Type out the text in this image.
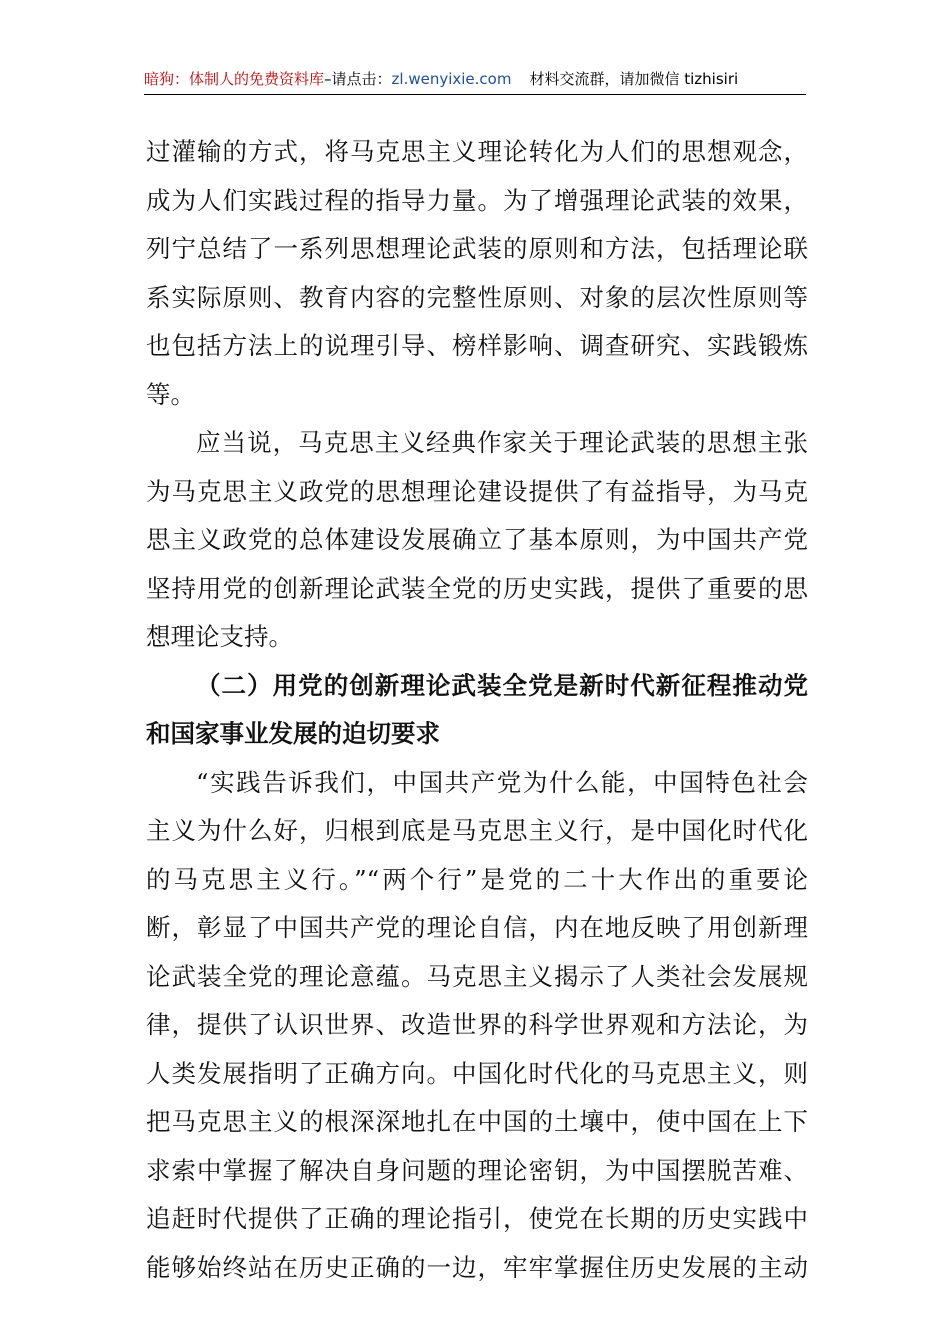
暗狗：体制人的免费资料库–请点击：zl.wenyixie.com 材料交流群，请加微信 tizhisiri
过灌输的方式，将马克思主义理论转化为人们的思想观念，
成为人们实践过程的指导力量。为了增强理论武装的效果，
列宁总结了一系列思想理论武装的原则和方法，包括理论联
系实际原则、教育内容的完整性原则、对象的层次性原则等
也包括方法上的说理引导、榜样影响、调查研究、实践锻炼
等。
应当说，马克思主义经典作家关于理论武装的思想主张
为马克思主义政党的思想理论建设提供了有益指导，为马克
思主义政党的总体建设发展确立了基本原则，为中国共产党
坚持用党的创新理论武装全党的历史实践，提供了重要的思
想理论支持。
（二）用党的创新理论武装全党是新时代新征程推动党
和国家事业发展的迫切要求
“实践告诉我们，中国共产党为什么能，中国特色社会
主义为什么好，归根到底是马克思主义行，是中国化时代化
的马克思主义行。”“两个行”是党的二十大作出的重要论
断，彰显了中国共产党的理论自信，内在地反映了用创新理
论武装全党的理论意蕴。马克思主义揭示了人类社会发展规
律，提供了认识世界、改造世界的科学世界观和方法论，为
人类发展指明了正确方向。中国化时代化的马克思主义，则
把马克思主义的根深深地扎在中国的土壤中，使中国在上下
求索中掌握了解决自身问题的理论密钥，为中国摆脱苦难、
追赶时代提供了正确的理论指引，使党在长期的历史实践中
能够始终站在历史正确的一边，牢牢掌握住历史发展的主动
